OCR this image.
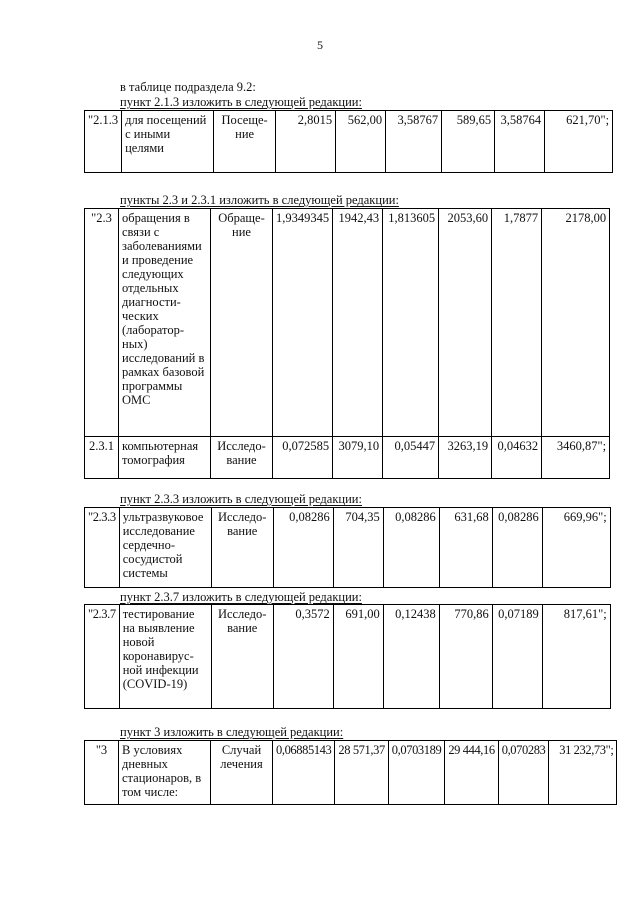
5
в таблице подраздела 9.2:
пункт 2.1.3 изложить в следующей редакции:
"2.1.3	для посещений с иными целями	Посеще-ние	2,8015	562,00	3,58767	589,65	3,58764	621,70";
пункты 2.3 и 2.3.1 изложить в следующей редакции:
"2.3	обращения в связи с заболеваниями и проведение следующих отдельных диагности-ческих (лаборатор-ных) исследований в рамках базовой программы ОМС	Обраще-ние	1,9349345	1942,43	1,813605	2053,60	1,7877	2178,00
2.3.1	компьютерная томография	Исследо-вание	0,072585	3079,10	0,05447	3263,19	0,04632	3460,87";
пункт 2.3.3 изложить в следующей редакции:
"2.3.3	ультразвуковое исследование сердечно-сосудистой системы	Исследо-вание	0,08286	704,35	0,08286	631,68	0,08286	669,96";
пункт 2.3.7 изложить в следующей редакции:
"2.3.7	тестирование на выявление новой коронавирус-ной инфекции (COVID-19)	Исследо-вание	0,3572	691,00	0,12438	770,86	0,07189	817,61";
пункт 3 изложить в следующей редакции:
"3	В условиях дневных стационаров, в том числе:	Случай лечения	0,06885143	28 571,37	0,0703189	29 444,16	0,070283	31 232,73";
